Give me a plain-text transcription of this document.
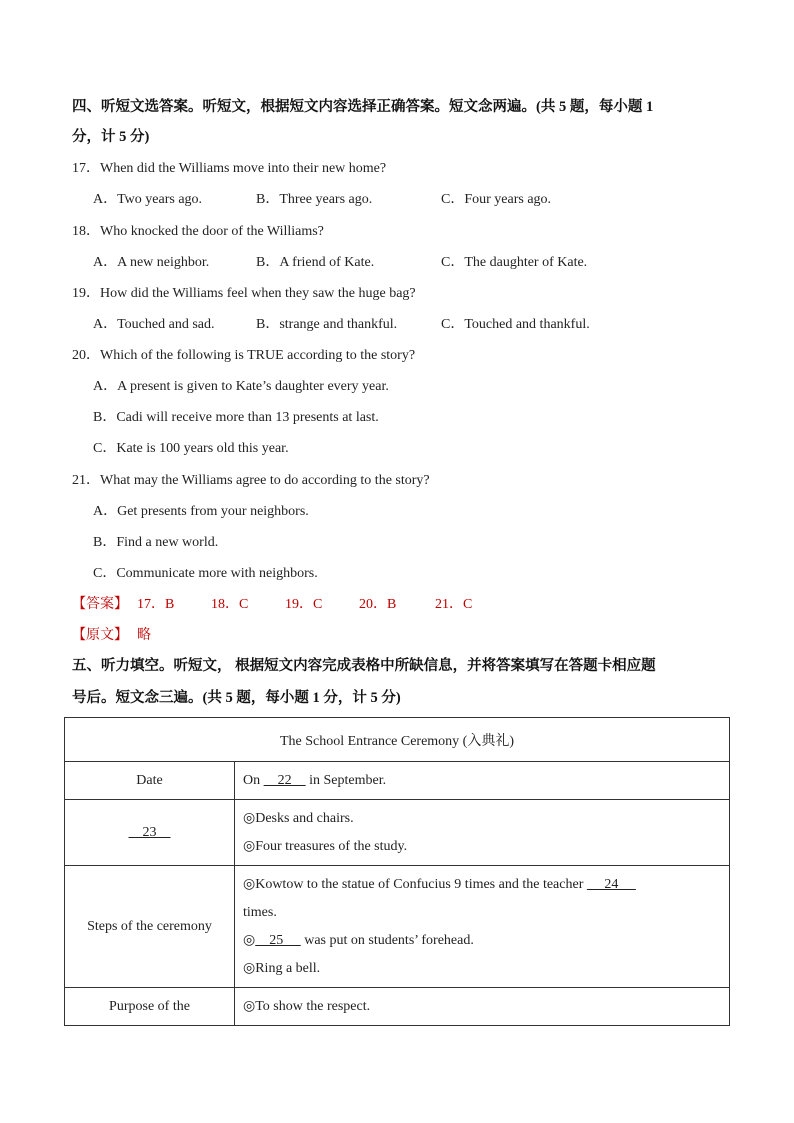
四、听短文选答案。听短文，根据短文内容选择正确答案。短文念两遍。(共 5 题，每小题 1
分，计 5 分)
17．When did the Williams move into their new home?
A．Two years ago.	B．Three years ago.	C．Four years ago.
18．Who knocked the door of the Williams?
A．A new neighbor.	B．A friend of Kate.	C．The daughter of Kate.
19．How did the Williams feel when they saw the huge bag?
A．Touched and sad.	B．strange and thankful.	C．Touched and thankful.
20．Which of the following is TRUE according to the story?
A．A present is given to Kate’s daughter every year.
B．Cadi will receive more than 13 presents at last.
C．Kate is 100 years old this year.
21．What may the Williams agree to do according to the story?
A．Get presents from your neighbors.
B．Find a new world.
C．Communicate more with neighbors.
【答案】 17．B	18．C	19．C	20．B	21．C
【原文】 略
五、听力填空。听短文， 根据短文内容完成表格中所缺信息，并将答案填写在答题卡相应题
号后。短文念三遍。(共 5 题，每小题 1 分，计 5 分)
The School Entrance Ceremony (入典礼)	
Date	On     22     in September.
23	◎Desks and chairs.
◎Four treasures of the study.

Steps of the ceremony	◎Kowtow to the statue of Confucius 9 times and the teacher      24
times.
◎    25      was put on students’ forehead.
◎Ring a bell.

Purpose of the	◎To show the respect.
